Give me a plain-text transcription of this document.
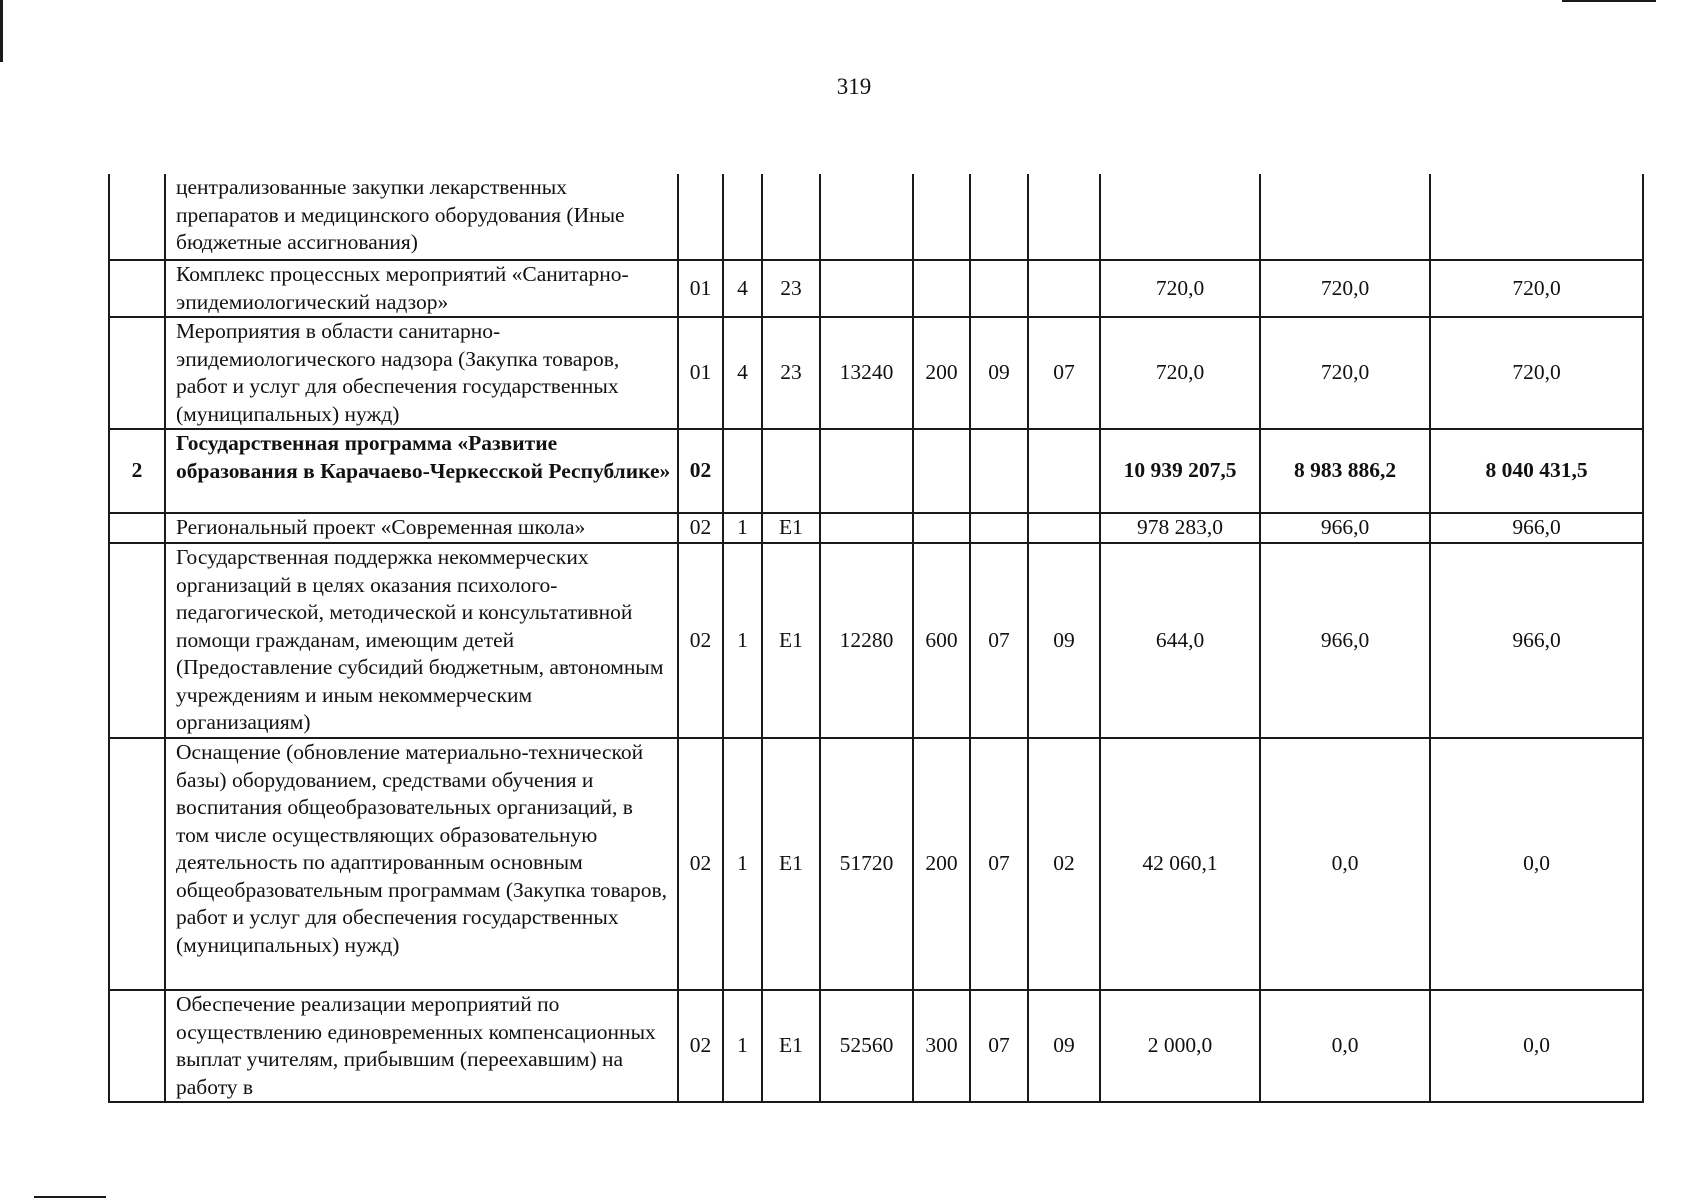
319
	централизованные закупки лекарственных препаратов и медицинского оборудования (Иные бюджетные ассигнования)										
	Комплекс процессных мероприятий «Санитарно-эпидемиологический надзор»	01	4	23					720,0	720,0	720,0
	Мероприятия в области санитарно-эпидемиологического надзора (Закупка товаров, работ и услуг для обеспечения государственных (муниципальных) нужд)	01	4	23	13240	200	09	07	720,0	720,0	720,0
2	Государственная программа «Развитие образования в Карачаево-Черкесской Республике»	02							10 939 207,5	8 983 886,2	8 040 431,5
	Региональный проект «Современная школа»	02	1	E1					978 283,0	966,0	966,0
	Государственная поддержка некоммерческих организаций в целях оказания психолого-педагогической, методической и консультативной помощи гражданам, имеющим детей (Предоставление субсидий бюджетным, автономным учреждениям и иным некоммерческим организациям)	02	1	E1	12280	600	07	09	644,0	966,0	966,0
	Оснащение (обновление материально-технической базы) оборудованием, средствами обучения и воспитания общеобразовательных организаций, в том числе осуществляющих образовательную деятельность по адаптированным основным общеобразовательным программам (Закупка товаров, работ и услуг для обеспечения государственных (муниципальных) нужд)	02	1	E1	51720	200	07	02	42 060,1	0,0	0,0
	Обеспечение реализации мероприятий по осуществлению единовременных компенсационных выплат учителям, прибывшим (переехавшим) на работу в	02	1	E1	52560	300	07	09	2 000,0	0,0	0,0
